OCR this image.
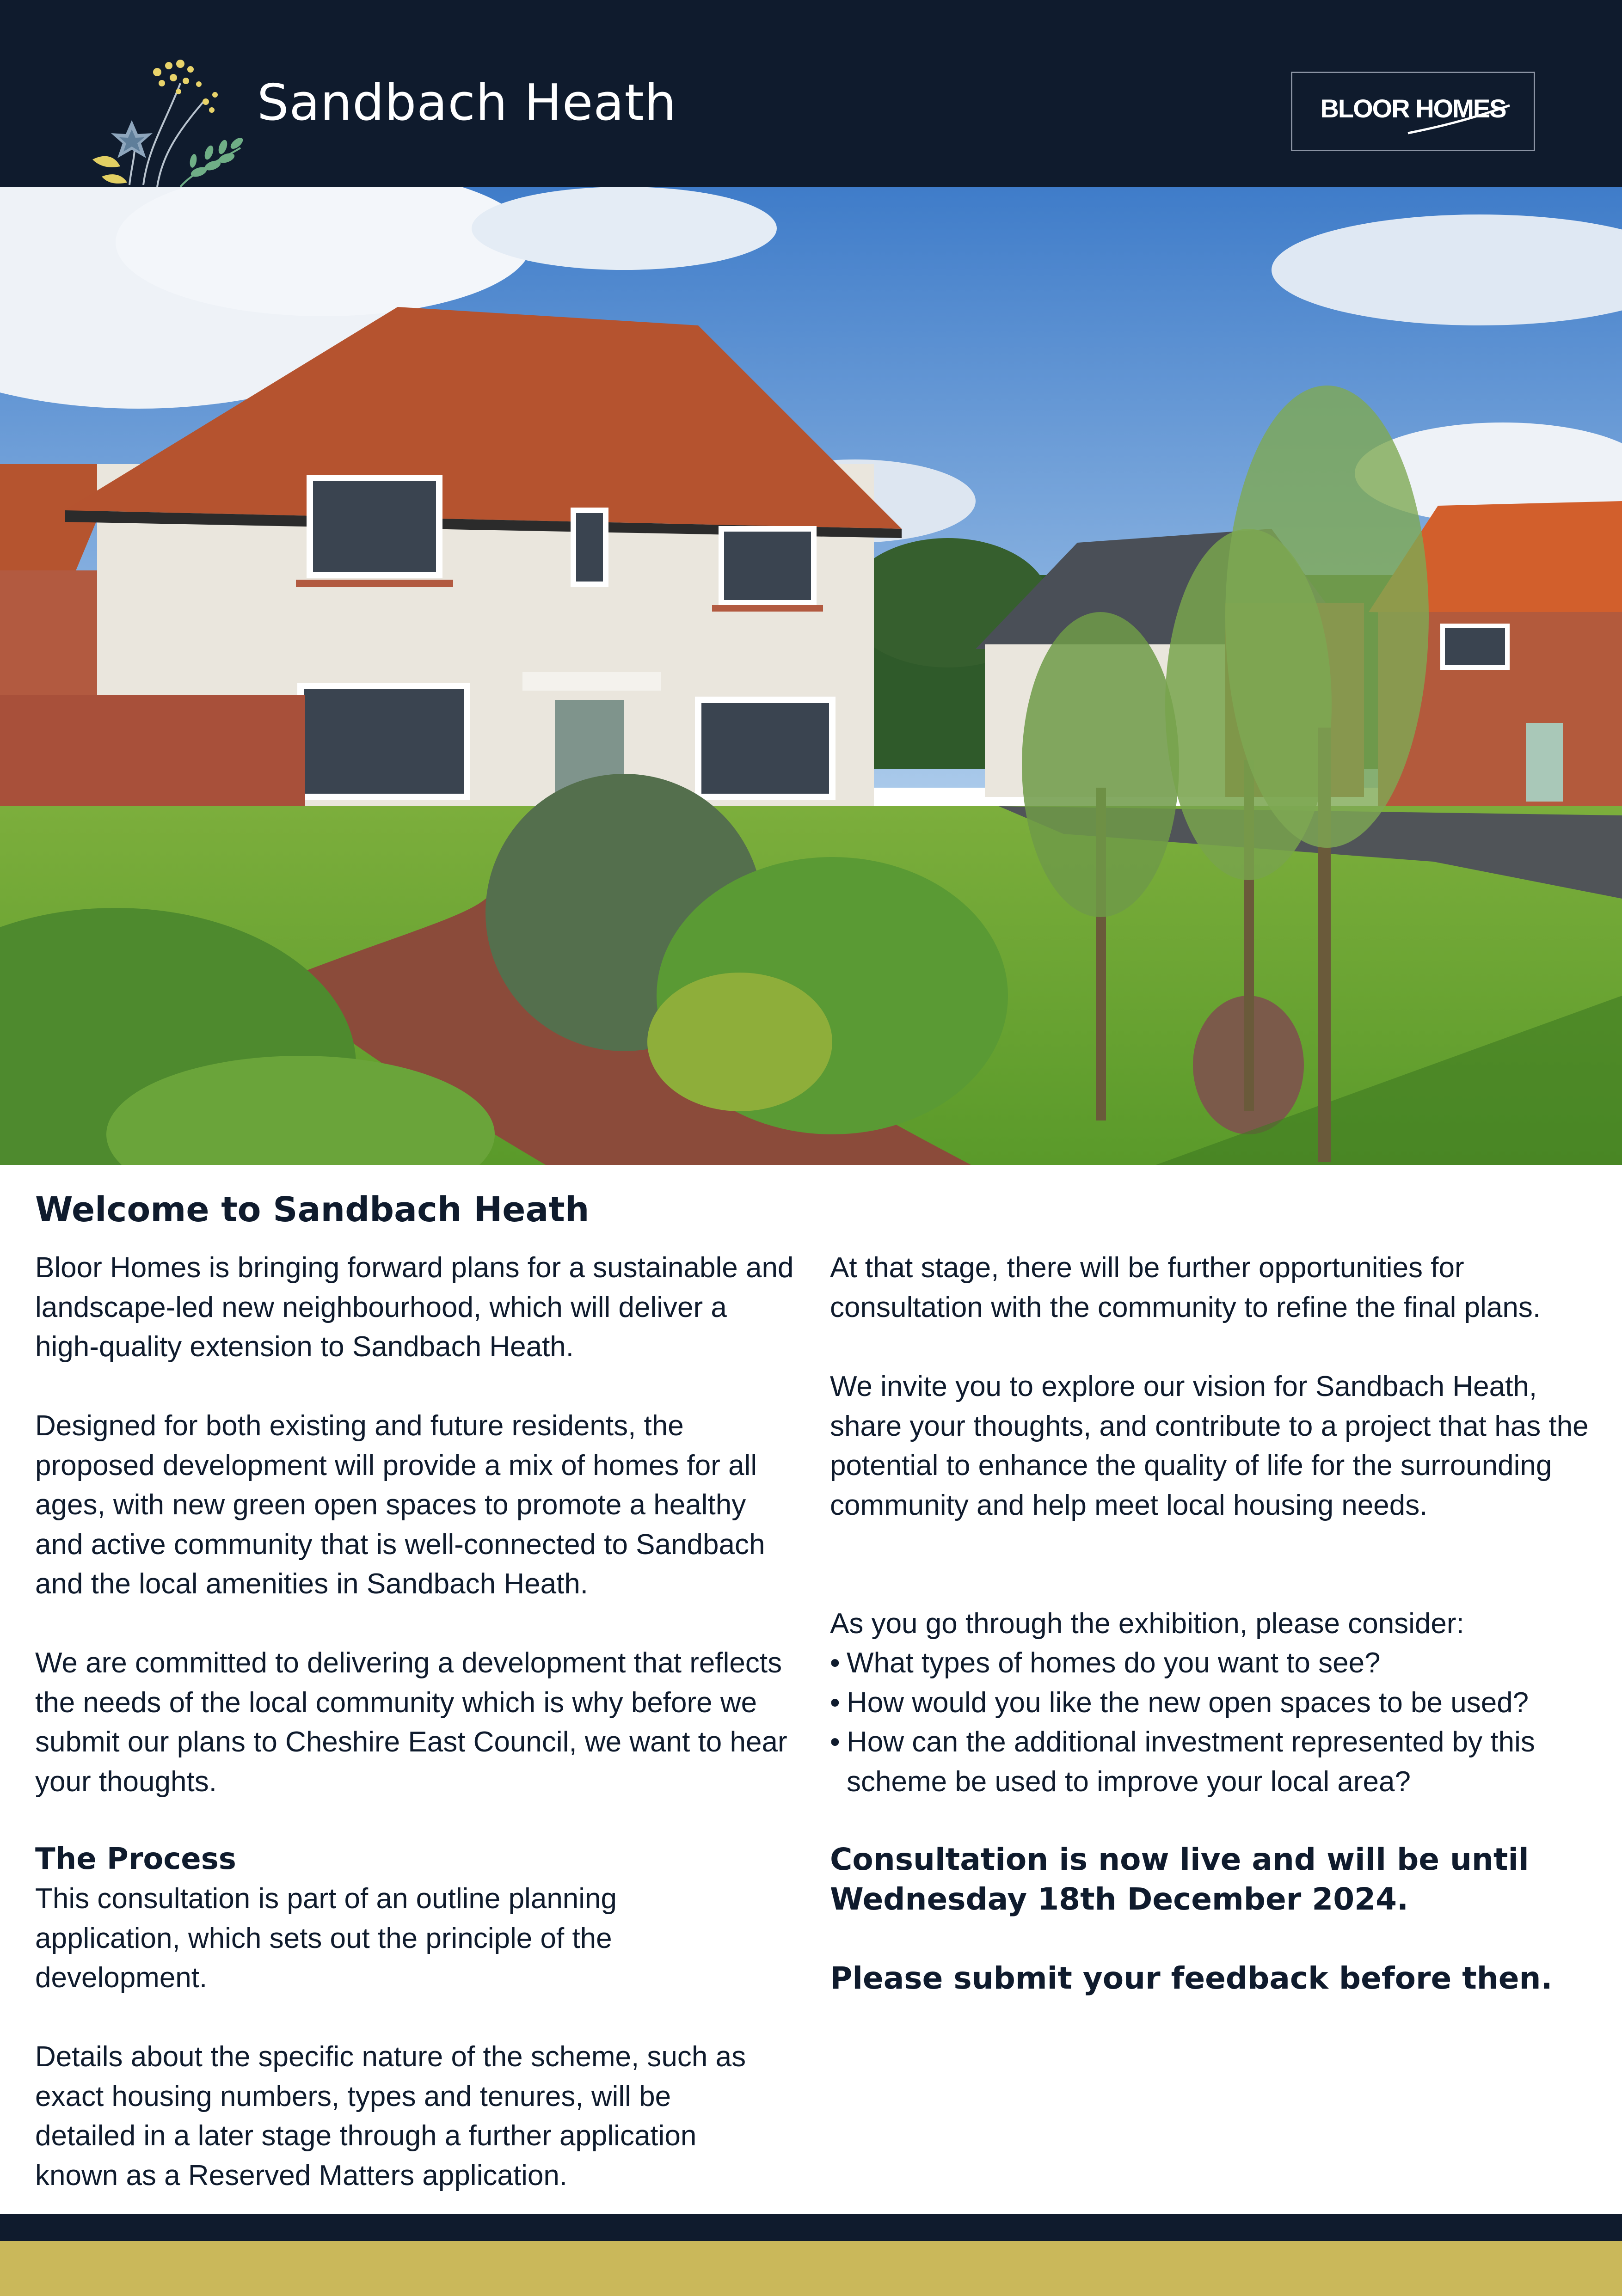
Sandbach Heath	BLOOR HOMES
Welcome to Sandbach Heath

Bloor Homes is bringing forward plans for a sustainable and landscape-led new neighbourhood, which will deliver a high-quality extension to Sandbach Heath.

Designed for both existing and future residents, the proposed development will provide a mix of homes for all ages, with new green open spaces to promote a healthy and active community that is well-connected to Sandbach and the local amenities in Sandbach Heath.

We are committed to delivering a development that reflects the needs of the local community which is why before we submit our plans to Cheshire East Council, we want to hear your thoughts.

The Process

This consultation is part of an outline planning application, which sets out the principle of the development.

Details about the specific nature of the scheme, such as exact housing numbers, types and tenures, will be detailed in a later stage through a further application known as a Reserved Matters application.

At that stage, there will be further opportunities for consultation with the community to refine the final plans.

We invite you to explore our vision for Sandbach Heath, share your thoughts, and contribute to a project that has the potential to enhance the quality of life for the surrounding community and help meet local housing needs.

As you go through the exhibition, please consider:

• What types of homes do you want to see?
• How would you like the new open spaces to be used?
• How can the additional investment represented by this scheme be used to improve your local area?

Consultation is now live and will be until Wednesday 18th December 2024.

Please submit your feedback before then.
